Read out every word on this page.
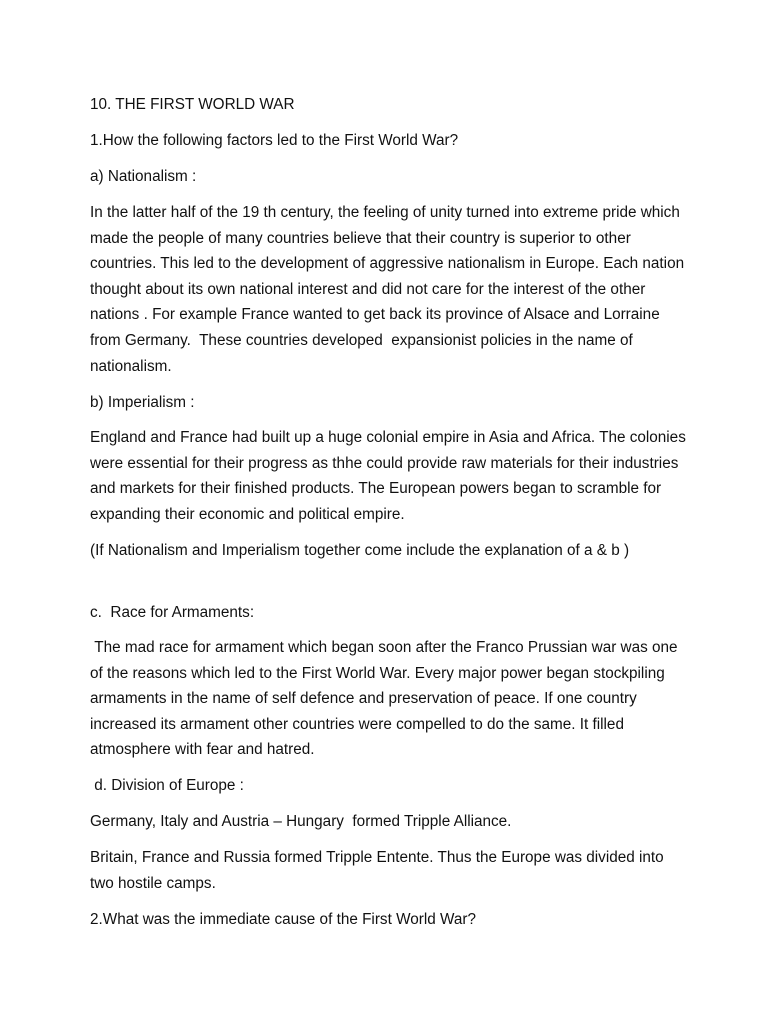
10. THE FIRST WORLD WAR

1.How the following factors led to the First World War?

a) Nationalism :

In the latter half of the 19 th century, the feeling of unity turned into extreme pride which made the people of many countries believe that their country is superior to other countries. This led to the development of aggressive nationalism in Europe. Each nation thought about its own national interest and did not care for the interest of the other nations . For example France wanted to get back its province of Alsace and Lorraine from Germany.  These countries developed  expansionist policies in the name of nationalism.

b) Imperialism :

England and France had built up a huge colonial empire in Asia and Africa. The colonies were essential for their progress as thhe could provide raw materials for their industries and markets for their finished products. The European powers began to scramble for expanding their economic and political empire.

(If Nationalism and Imperialism together come include the explanation of a & b )

c.  Race for Armaments:

The mad race for armament which began soon after the Franco Prussian war was one of the reasons which led to the First World War. Every major power began stockpiling armaments in the name of self defence and preservation of peace. If one country increased its armament other countries were compelled to do the same. It filled atmosphere with fear and hatred.

d. Division of Europe :

Germany, Italy and Austria – Hungary  formed Tripple Alliance.

Britain, France and Russia formed Tripple Entente. Thus the Europe was divided into two hostile camps.

2.What was the immediate cause of the First World War?
